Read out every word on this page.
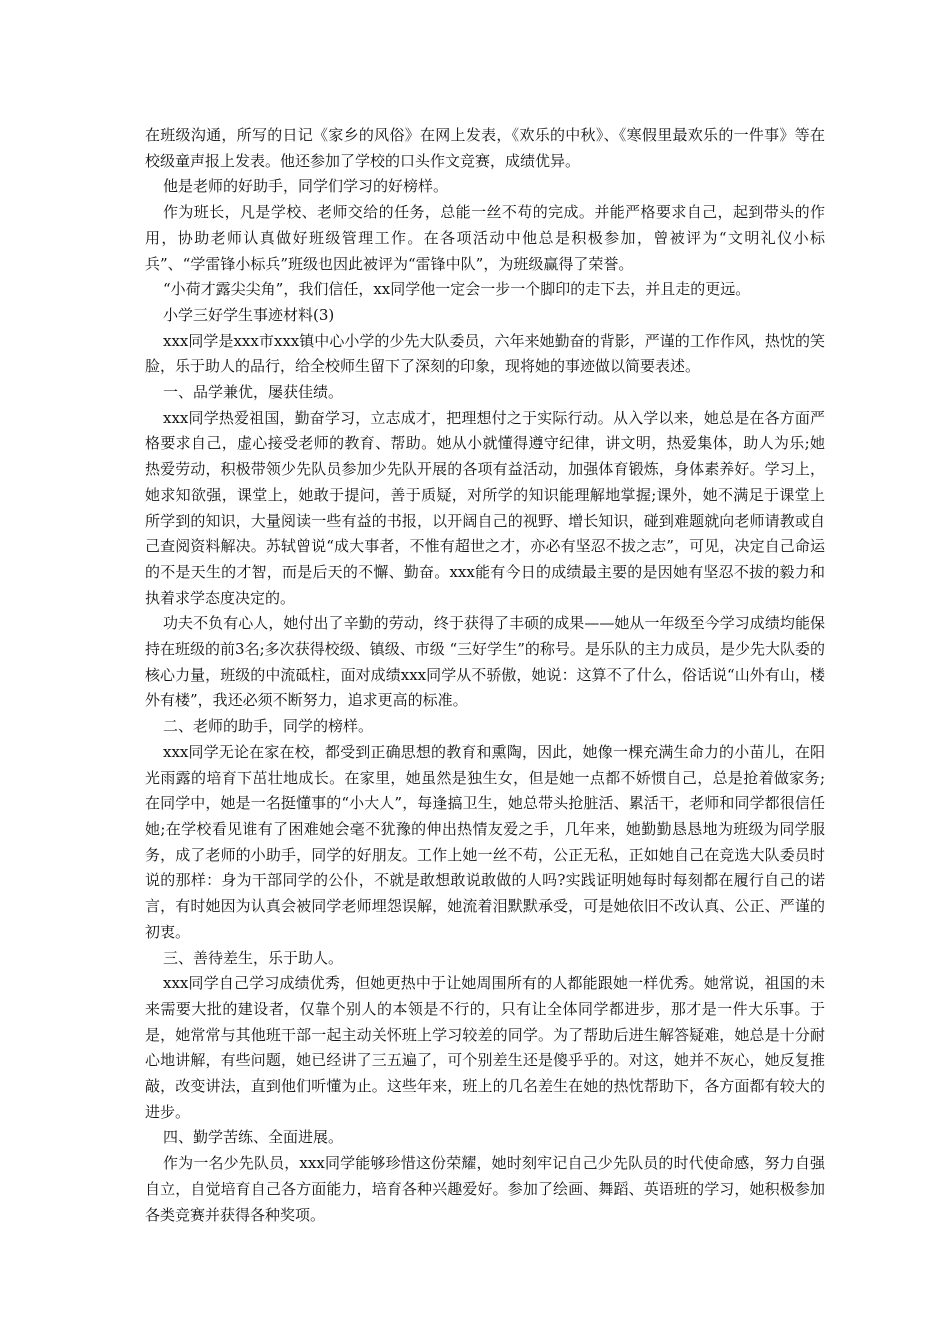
在班级沟通，所写的日记《家乡的风俗》在网上发表，《欢乐的中秋》、《寒假里最欢乐的一件事》等在校级童声报上发表。他还参加了学校的口头作文竞赛，成绩优异。

他是老师的好助手，同学们学习的好榜样。

作为班长，凡是学校、老师交给的任务，总能一丝不苟的完成。并能严格要求自己，起到带头的作用，协助老师认真做好班级管理工作。在各项活动中他总是积极参加，曾被评为“文明礼仪小标兵”、“学雷锋小标兵”班级也因此被评为“雷锋中队”，为班级赢得了荣誉。

“小荷才露尖尖角”，我们信任，xx同学他一定会一步一个脚印的走下去，并且走的更远。

小学三好学生事迹材料(3)

xxx同学是xxx市xxx镇中心小学的少先大队委员，六年来她勤奋的背影，严谨的工作作风，热忱的笑脸，乐于助人的品行，给全校师生留下了深刻的印象，现将她的事迹做以简要表述。

一、品学兼优，屡获佳绩。

xxx同学热爱祖国，勤奋学习，立志成才，把理想付之于实际行动。从入学以来，她总是在各方面严格要求自己，虚心接受老师的教育、帮助。她从小就懂得遵守纪律，讲文明，热爱集体，助人为乐;她热爱劳动，积极带领少先队员参加少先队开展的各项有益活动，加强体育锻炼，身体素养好。学习上，她求知欲强，课堂上，她敢于提问，善于质疑，对所学的知识能理解地掌握;课外，她不满足于课堂上所学到的知识，大量阅读一些有益的书报，以开阔自己的视野、增长知识，碰到难题就向老师请教或自己查阅资料解决。苏轼曾说“成大事者，不惟有超世之才，亦必有坚忍不拔之志”，可见，决定自己命运的不是天生的才智，而是后天的不懈、勤奋。xxx能有今日的成绩最主要的是因她有坚忍不拔的毅力和执着求学态度决定的。

功夫不负有心人，她付出了辛勤的劳动，终于获得了丰硕的成果——她从一年级至今学习成绩均能保持在班级的前3名;多次获得校级、镇级、市级 “三好学生”的称号。是乐队的主力成员，是少先大队委的核心力量，班级的中流砥柱，面对成绩xxx同学从不骄傲，她说：这算不了什么，俗话说“山外有山，楼外有楼”，我还必须不断努力，追求更高的标准。

二、老师的助手，同学的榜样。

xxx同学无论在家在校，都受到正确思想的教育和熏陶，因此，她像一棵充满生命力的小苗儿，在阳光雨露的培育下茁壮地成长。在家里，她虽然是独生女，但是她一点都不娇惯自己，总是抢着做家务;在同学中，她是一名挺懂事的“小大人”，每逢搞卫生，她总带头抢脏活、累活干，老师和同学都很信任她;在学校看见谁有了困难她会毫不犹豫的伸出热情友爱之手，几年来，她勤勤恳恳地为班级为同学服务，成了老师的小助手，同学的好朋友。工作上她一丝不苟，公正无私，正如她自己在竞选大队委员时说的那样：身为干部同学的公仆，不就是敢想敢说敢做的人吗?实践证明她每时每刻都在履行自己的诺言，有时她因为认真会被同学老师埋怨误解，她流着泪默默承受，可是她依旧不改认真、公正、严谨的初衷。

三、善待差生，乐于助人。

xxx同学自己学习成绩优秀，但她更热中于让她周围所有的人都能跟她一样优秀。她常说，祖国的未来需要大批的建设者，仅靠个别人的本领是不行的，只有让全体同学都进步，那才是一件大乐事。于是，她常常与其他班干部一起主动关怀班上学习较差的同学。为了帮助后进生解答疑难，她总是十分耐心地讲解，有些问题，她已经讲了三五遍了，可个别差生还是傻乎乎的。对这，她并不灰心，她反复推敲，改变讲法，直到他们听懂为止。这些年来，班上的几名差生在她的热忱帮助下，各方面都有较大的进步。

四、勤学苦练、全面进展。

作为一名少先队员，xxx同学能够珍惜这份荣耀，她时刻牢记自己少先队员的时代使命感，努力自强自立，自觉培育自己各方面能力，培育各种兴趣爱好。参加了绘画、舞蹈、英语班的学习，她积极参加各类竞赛并获得各种奖项。
